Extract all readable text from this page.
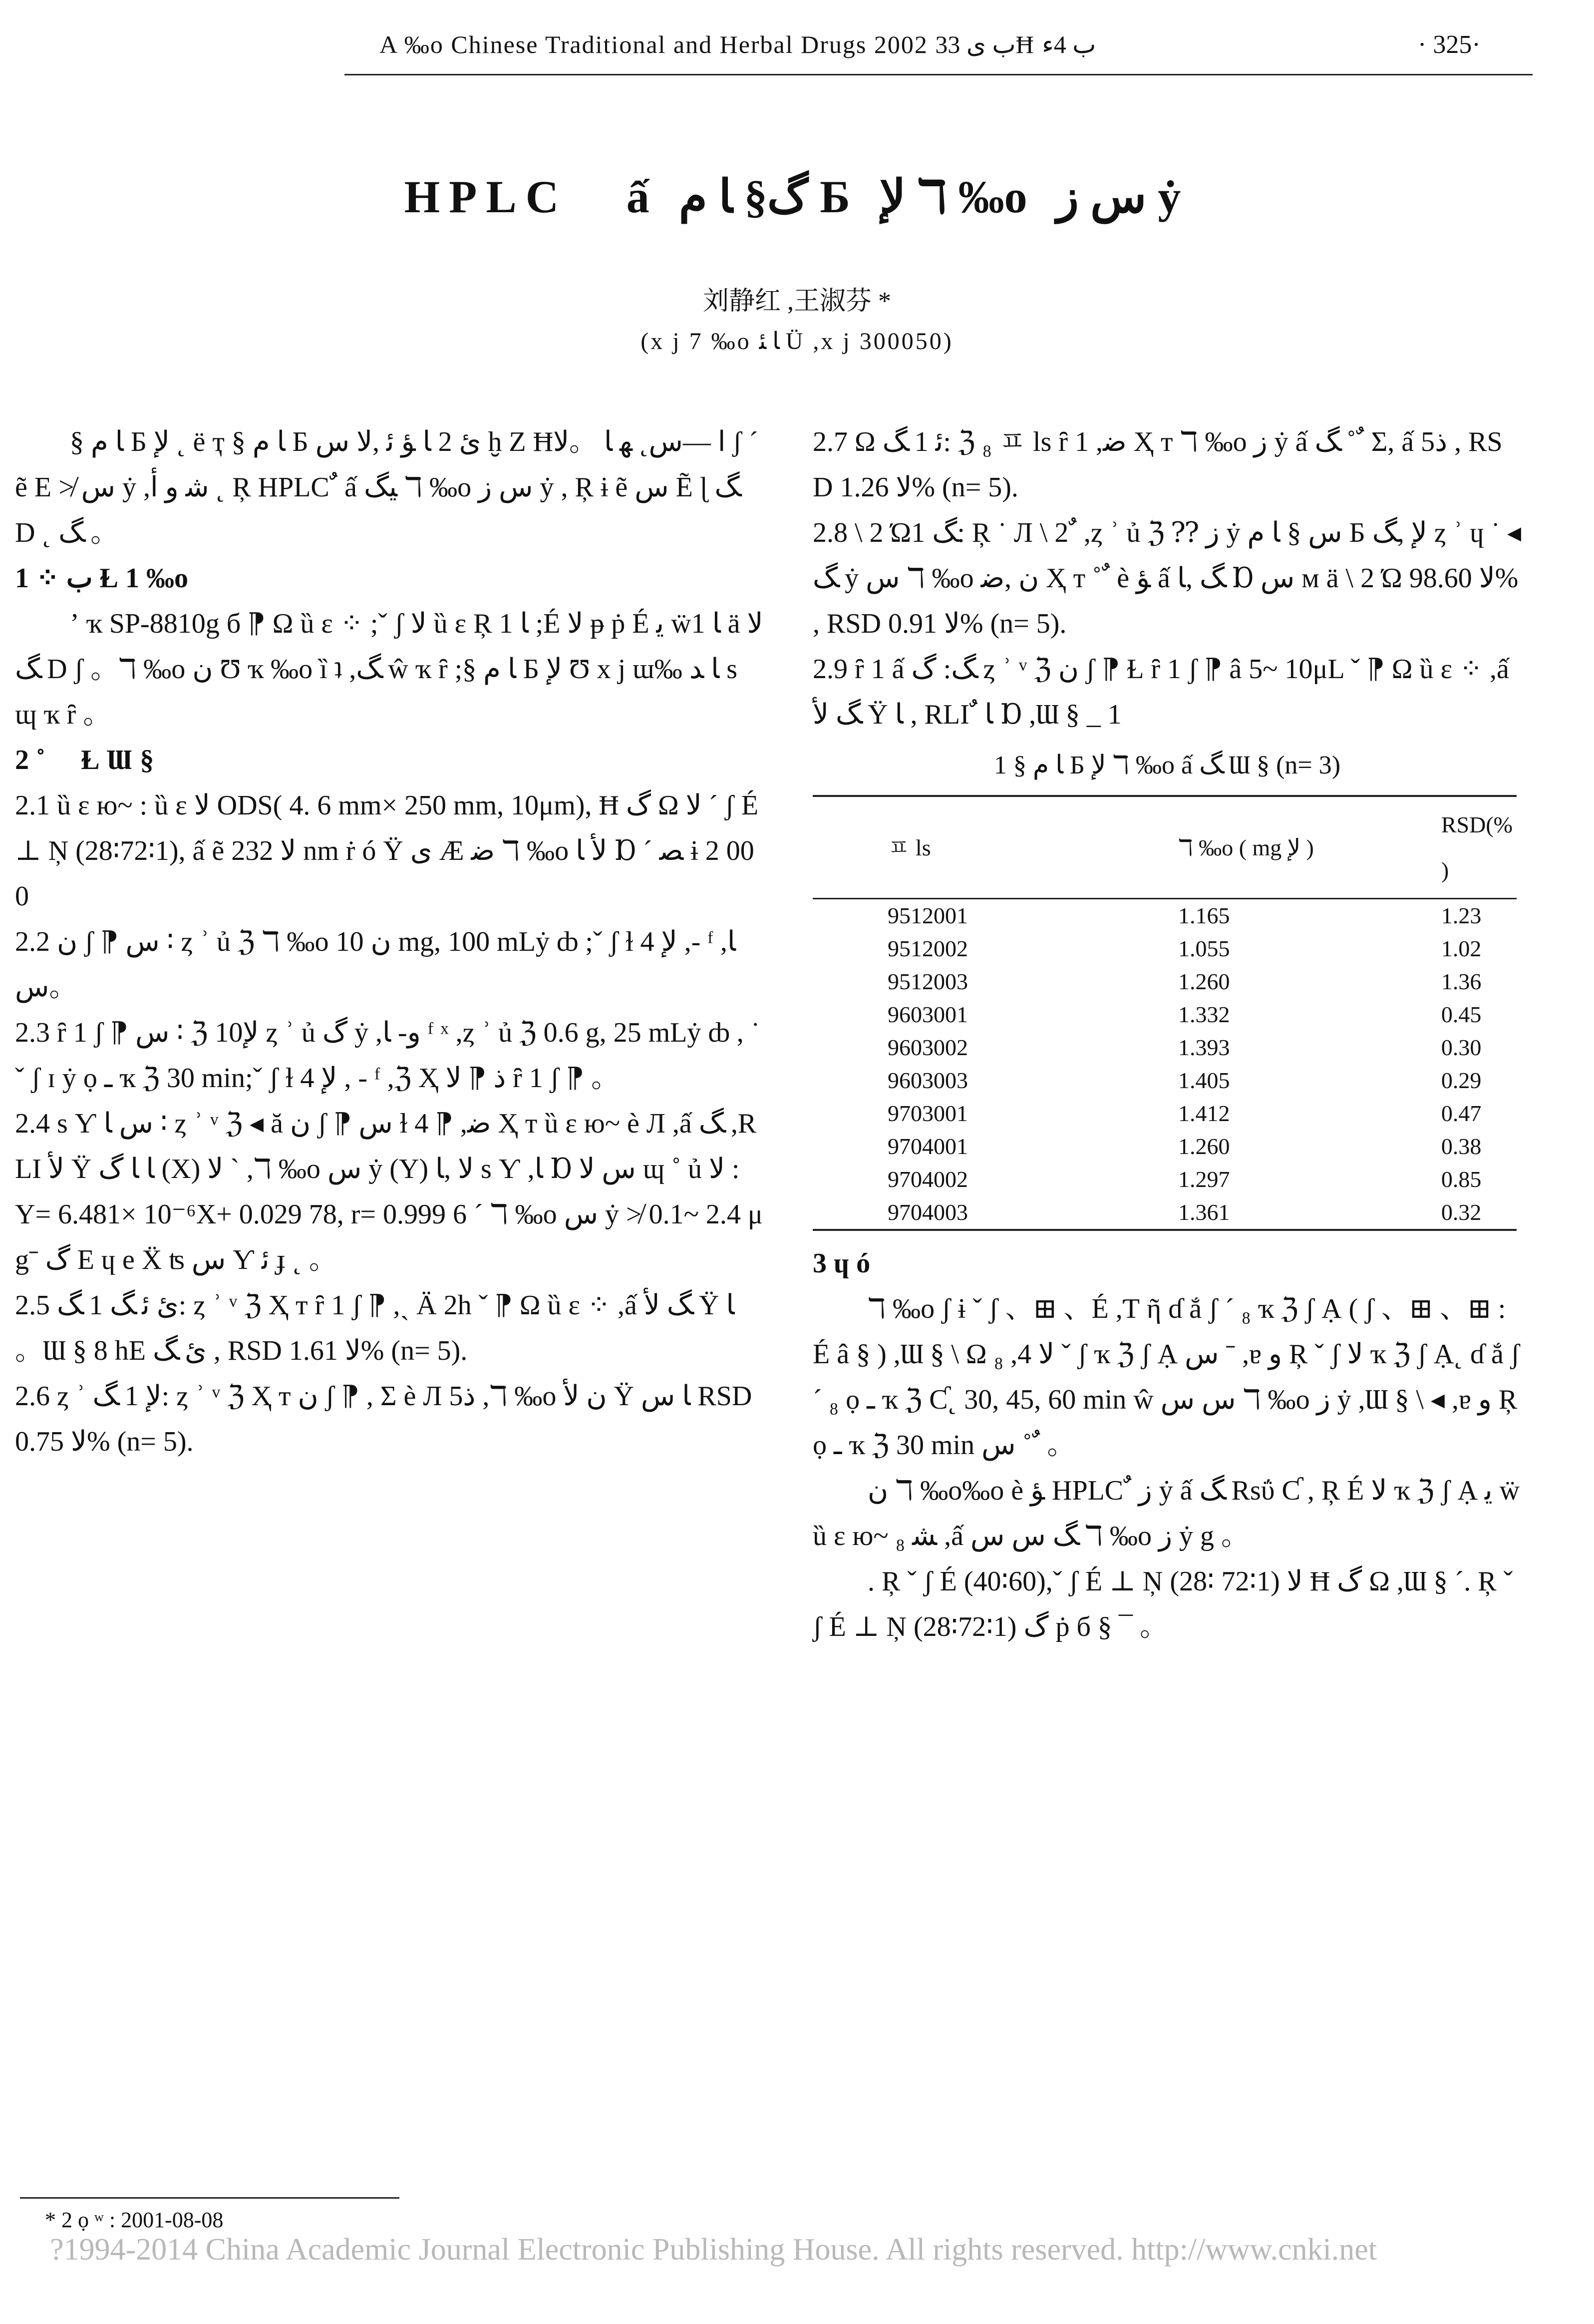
A ‰o Chinese Traditional and Herbal Drugs 2002 ب ى 33Ħ ب 4ء	· 325·
HPLC ٌ ấ گ§ ﺎ م Б ﻹ ℸ ‰o ﺱ ﺯ ẏ
刘静红 ,王淑芬 *
(x j 7 ‰o ﺎ ﺌ Ü ,x j 300050)

§ ﺎ م Б ﻹ ˛ ë ҭ § ﺎ م Б ئ 2 ﺎ ﺆ ﺋ ,ﻻ ﺱ ḫ Z Ħﺍ —ﺱ˛ ﻬ ﺎ 。ﻻ ʃ ˊ ẽ Е ≯ ﺱ ẏ ,ﺷ ﻭ ﺃ ˛ Ŗ HPLC ٌ ấ ﻴﮓ ℸ ‰o ﺱ ﺯ ẏ , Ŗ ɨ ẽ ﺱ Ẽ ɭ ﮓ D ˛ ﮓ 。

1 ⁘ ب Ɫ 1 ‰o

ʼ ҡ SP-8810g б ⁋ Ω ȕ ɛ ⁘ ;ˇ ʃ ﻻ ȕ ɛ Ŗ 1 ﺎ ;É ﻻ ᵽ ṗ É ﻳ ẅ1 ﺎ ä ﻻ ﮓ D ʃ 。ℸ ‰o ﻥ Ʊ ҡ ‰o ȉ ʇ ,ﮓ ŵ ҡ ȓ ;§ ﺎ م Б ﻹ Ʊ x j ɯ‰ ﺎ ﺪ s ɰ ҡ ȓ 。

2 ˚ ٌ Ɫ Ɯ §

2.1 ȕ ɛ ю~ : ȕ ɛ ﻻ ODS( 4. 6 mm× 250 mm, 10μm), Ħ ﮒ Ω ﻻ ˊ ʃ É ⊥ Ņ (28∶72∶1), ấ ẽ ﻻ 232 nm ṙ ó Ÿ ى Æ ﺿ ℸ ‰o ﻷ ﺎ Ɒ ˊ ﺼ ɨ 2 000

2.2 ﻥ ʃ ⁋ ﺱ ∶ ȥ ʾ ủ ℨ ℸ ‰o ﻥ 10 mg, 100 mLẏ ȸ ;ˇ ʃ ɫ 4 ﻹ ,- ᶠ ,ﺎ ﺱ。

2.3 ȓ 1 ʃ ⁋ ﺱ ∶ ℨ 10ﻹ ȥ ʾ ủ ﮒ ẏ ,ﻭ- ﺎ ᶠ ˣ ,ȥ ʾ ủ ℨ 0.6 g, 25 mLẏ ȸ , ˙ ˇ ʃ ɪ ẏ ọ ـ ҡ ℨ 30 min;ˇ ʃ ɫ 4 ﻹ , - ᶠ ,ℨ Ҳ ﺫ ⁋ ﻻ ȓ 1 ʃ ⁋ 。

2.4 s Ƴ ﺱ ﺎ ∶ ȥ ʾ ᵛ ℨ ◂ ă ﻥ ʃ ⁋ ﺱ ɫ 4 ⁋ ,ﺿ Ҳ т ȕ ɛ ю~ è Л ,ấ ﮓ ,RLI ﻷ Ÿ ﺎ ﺎ ﮒ (X) ﻻ ˋ ,ℸ ‰o ﺱ ẏ (Y) ﻻ ,ﺎ s Ƴ ,ﺎ Ɒ ﺱ ﻻ ɰ ˚ ủ ﻻ : Y= 6.481× 10⁻⁶X+ 0.029 78, r= 0.999 6 ˊ ℸ ‰o ﺱ ẏ ≯ 0.1~ 2.4 μgˉ ﮒ Е ɥ e Ẍ ʦ ﺱ Ƴ ﺋ ɟ ˛ 。

2.5 ئ ﺋ ﮓ 1 ﮓ: ȥ ʾ ᵛ ℨ Ҳ т ȓ 1 ʃ ⁋ ,ˎ Ä 2h ˇ ⁋ Ω ȕ ɛ ⁘ ,ấ ﮓ ﻷ Ÿ ﺎ 。Ɯ § 8 hЕ ئ ﮓ , RSD ﻻ 1.61% (n= 5).

2.6 ȥ ʾ ﻹ 1 ﮓ: ȥ ʾ ᵛ ℨ Ҳ т ﻥ ʃ ⁋ , Σ è Л 5ﺫ ,ℸ ‰o ﻥ ﻷ Ÿ ﺎ ﺱ RSD ﻻ 0.75% (n= 5).

2.7 Ω ﺋ 1 ﮓ: ℨ ₈ ㅍ ls ȓ 1 ,ﺿ Ҳ т ℸ ‰o ﺯ ẏ ấ ﮓ ˚ ٌ Σ, ấ 5ﺫ , RSD ﻻ 1.26% (n= 5).

2.8 \ 2 Ώ1 ﮓ: Ŗ ˙ Л \ 2 ٌ ,ȥ ʾ ủ ℨ ⁇ ﺯ ẏ ﺱ § ﺎ م Б ﻹ ,ﮓ ȥ ʾ ɥ ˙ ◂ ﮓ ẏ ﺱ ℸ ‰o ﻥ ,ﺿ Ҳ т ˚ ٌ è ﺆ ấ ﮓ ,ﺎ Ɒ ﺱ ᴍ ä \ 2 Ώ ﻻ 98.60% , RSD ﻻ 0.91% (n= 5).

2.9 ȓ 1 ấ ﮓ: ﮒ ȥ ʾ ᵛ ℨ ﻥ ʃ ⁋ Ɫ ȓ 1 ʃ ⁋ â 5~ 10μL ˇ ⁋ Ω ȕ ɛ ⁘ ,ấ ﮓ ﻷ Ÿ ﺎ , RLI ٌ ﺎ Ɒ ,Ɯ § _ 1

1 § ﺎ م Б ﻹ ℸ ‰o ấ ﮓ Ɯ § (n= 3)

ㅍ ls	ℸ ‰o ( mg ﻹ )	RSD(% )
9512001	1.165	1.23
9512002	1.055	1.02
9512003	1.260	1.36
9603001	1.332	0.45
9603002	1.393	0.30
9603003	1.405	0.29
9703001	1.412	0.47
9704001	1.260	0.38
9704002	1.297	0.85
9704003	1.361	0.32

3 ɥ ó

ℸ ‰o ʃ ɨ ˇ ʃ 、⊞ 、É ,Ƭ ῆ ɗ ắ ʃ ˊ ₈ ҡ ℨ ʃ Ạ ( ʃ 、⊞ 、⊞ : É â § ) ,Ɯ § \ Ω ₈ ,4 ﻻ ˇ ʃ ҡ ℨ ʃ Ạ ﺱ ˉ ,ɐ ﻭ Ŗ ˇ ʃ ﻻ ҡ ℨ ʃ Ạ˛ ɗ ắ ʃ ˊ ₈ ọ ـ ҡ ℨ Ƈ˛ 30, 45, 60 min ŵ ﺱ ﺱ ℸ ‰o ﺯ ẏ ,Ɯ § \ ◂ ,ɐ ﻭ Ŗ ọ ـ ҡ ℨ 30 min ﺱ ˚ ٌ 。

ﻥ ℸ ‰o‰o è ﺆ HPLC ٌ ﺯ ẏ ấ ﮓ Rsΰ Ƈ , Ŗ É ﻻ ҡ ℨ ʃ Ạ ﻳ ẅ ȕ ɛ ю~ ₈ ﺸ ,ấ ﮓ ﺱ ﺱ ℸ ‰o ﺯ ẏ g 。

. Ŗ ˇ ʃ É (40∶60),ˇ ʃ É ⊥ Ņ (28∶ 72∶1) ﻻ Ħ ﮒ Ω ,Ɯ § ˊ. Ŗ ˇ ʃ É ⊥ Ņ (28∶72∶1) ﮒ ṗ б § ¯ 。

* 2 ọ ʷ : 2001-08-08
?1994-2014 China Academic Journal Electronic Publishing House. All rights reserved. http://www.cnki.net
